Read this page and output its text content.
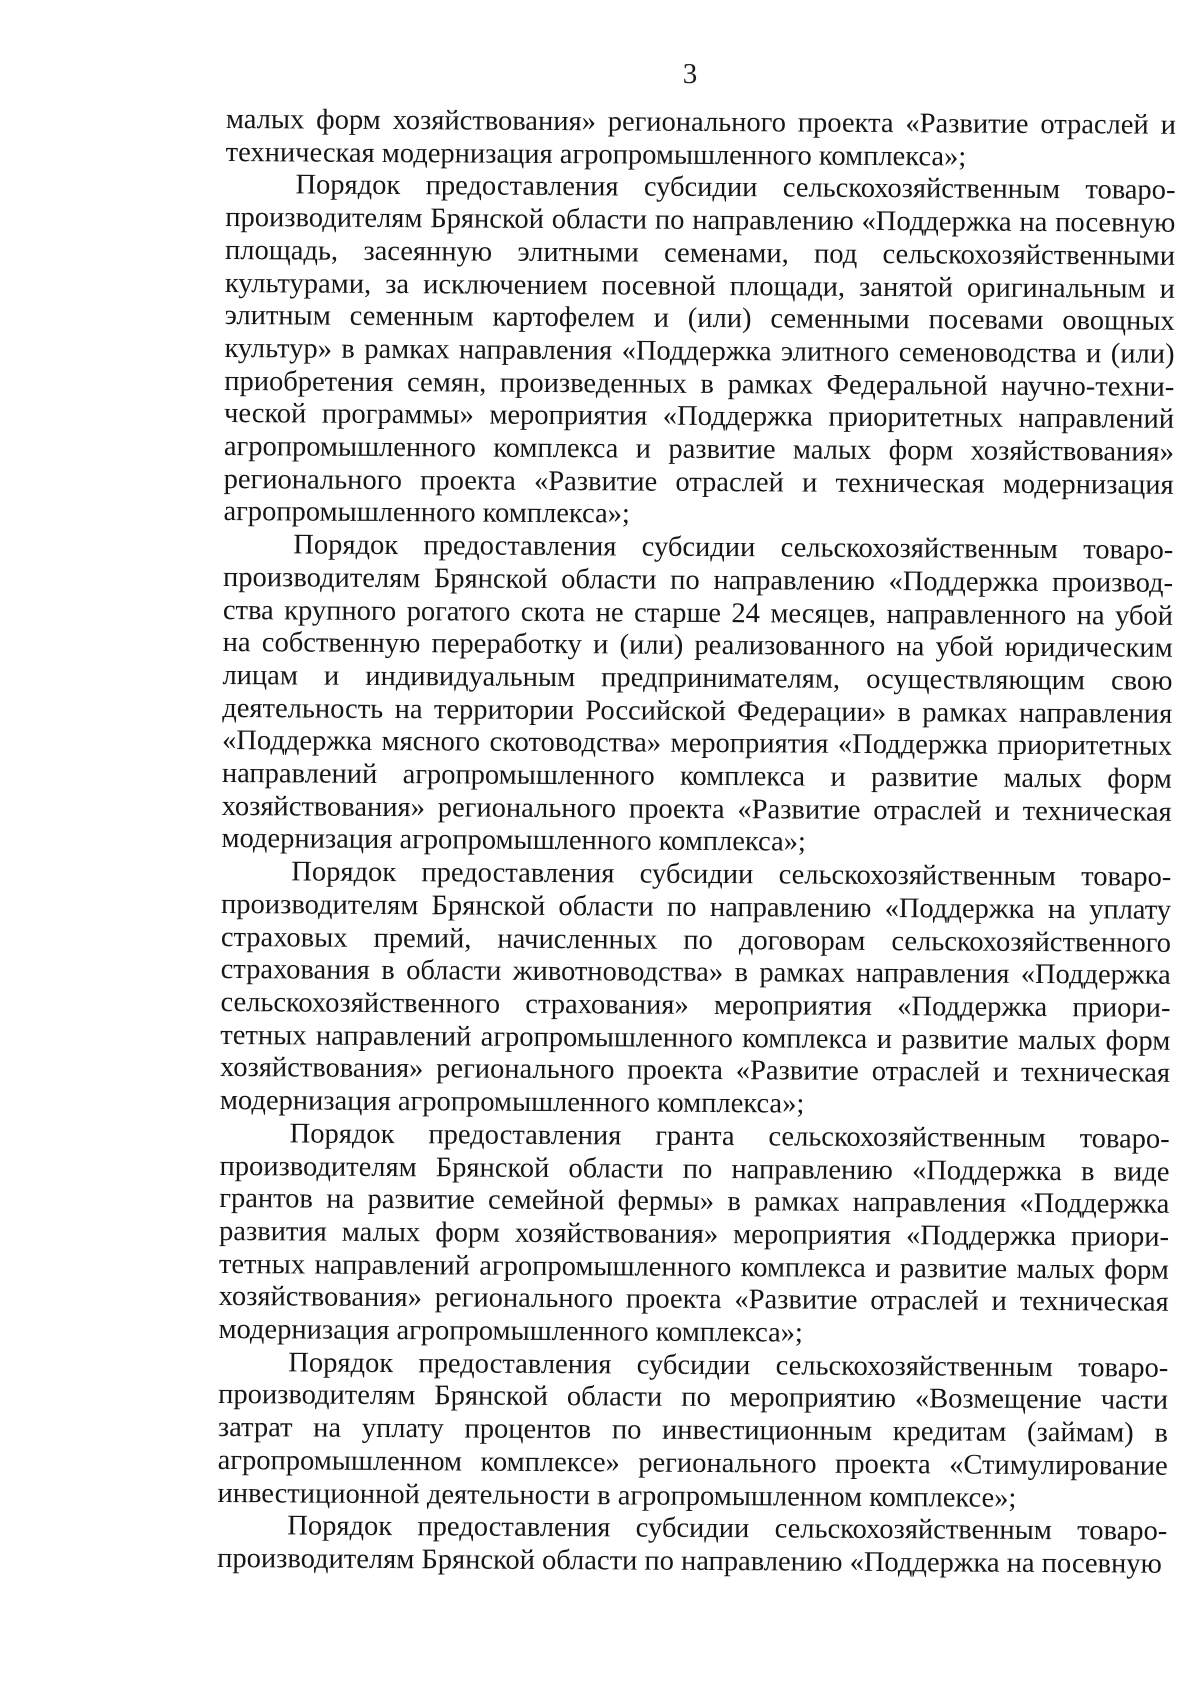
3

малых форм хозяйствования» регионального проекта «Развитие отраслей и техническая модернизация агропромышленного комплекса»;

Порядок предоставления субсидии сельскохозяйственным товаропроизводителям Брянской области по направлению «Поддержка на посевную площадь, засеянную элитными семенами, под сельскохозяйственными культурами, за исключением посевной площади, занятой оригинальным и элитным семенным картофелем и (или) семенными посевами овощных культур» в рамках направления «Поддержка элитного семеноводства и (или) приобретения семян, произведенных в рамках Федеральной научно-технической программы» мероприятия «Поддержка приоритетных направлений агропромышленного комплекса и развитие малых форм хозяйствования» регионального проекта «Развитие отраслей и техническая модернизация агропромышленного комплекса»;

Порядок предоставления субсидии сельскохозяйственным товаропроизводителям Брянской области по направлению «Поддержка производства крупного рогатого скота не старше 24 месяцев, направленного на убой на собственную переработку и (или) реализованного на убой юридическим лицам и индивидуальным предпринимателям, осуществляющим свою деятельность на территории Российской Федерации» в рамках направления «Поддержка мясного скотоводства» мероприятия «Поддержка приоритетных направлений агропромышленного комплекса и развитие малых форм хозяйствования» регионального проекта «Развитие отраслей и техническая модернизация агропромышленного комплекса»;

Порядок предоставления субсидии сельскохозяйственным товаропроизводителям Брянской области по направлению «Поддержка на уплату страховых премий, начисленных по договорам сельскохозяйственного страхования в области животноводства» в рамках направления «Поддержка сельскохозяйственного страхования» мероприятия «Поддержка приоритетных направлений агропромышленного комплекса и развитие малых форм хозяйствования» регионального проекта «Развитие отраслей и техническая модернизация агропромышленного комплекса»;

Порядок предоставления гранта сельскохозяйственным товаропроизводителям Брянской области по направлению «Поддержка в виде грантов на развитие семейной фермы» в рамках направления «Поддержка развития малых форм хозяйствования» мероприятия «Поддержка приоритетных направлений агропромышленного комплекса и развитие малых форм хозяйствования» регионального проекта «Развитие отраслей и техническая модернизация агропромышленного комплекса»;

Порядок предоставления субсидии сельскохозяйственным товаропроизводителям Брянской области по мероприятию «Возмещение части затрат на уплату процентов по инвестиционным кредитам (займам) в агропромышленном комплексе» регионального проекта «Стимулирование инвестиционной деятельности в агропромышленном комплексе»;

Порядок предоставления субсидии сельскохозяйственным товаропроизводителям Брянской области по направлению «Поддержка на посевную
